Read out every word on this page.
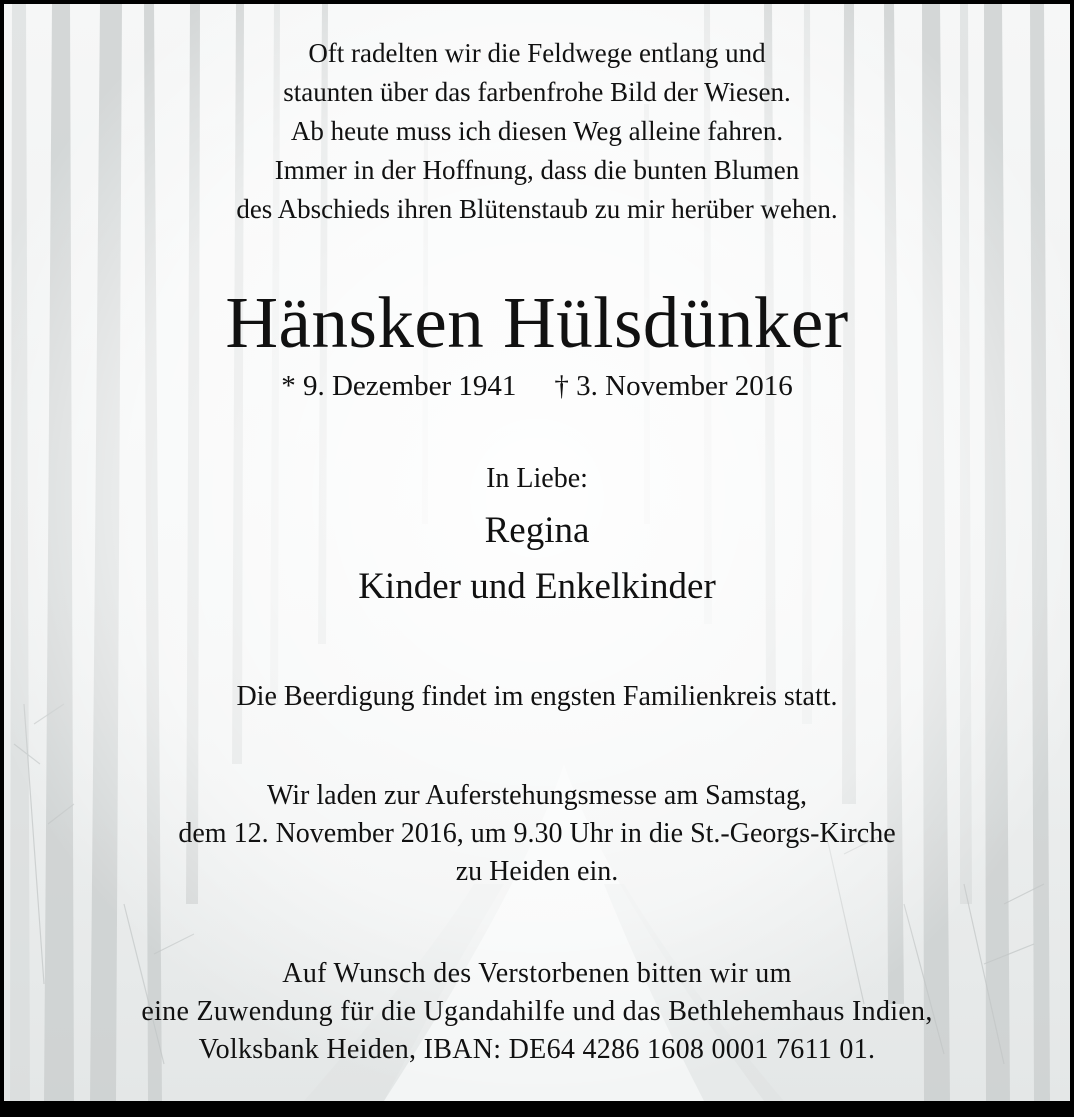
Oft radelten wir die Feldwege entlang und
staunten über das farbenfrohe Bild der Wiesen.
Ab heute muss ich diesen Weg alleine fahren.
Immer in der Hoffnung, dass die bunten Blumen
des Abschieds ihren Blütenstaub zu mir herüber wehen.
Hänsken Hülsdünker
* 9. Dezember 1941 † 3. November 2016
In Liebe:
Regina
Kinder und Enkelkinder
Die Beerdigung findet im engsten Familienkreis statt.
Wir laden zur Auferstehungsmesse am Samstag,
dem 12. November 2016, um 9.30 Uhr in die St.-Georgs-Kirche
zu Heiden ein.
Auf Wunsch des Verstorbenen bitten wir um
eine Zuwendung für die Ugandahilfe und das Bethlehemhaus Indien,
Volksbank Heiden, IBAN: DE64 4286 1608 0001 7611 01.
Erschienen am 09.11.2016 © Verlag J. Mergelsberg GmbH
